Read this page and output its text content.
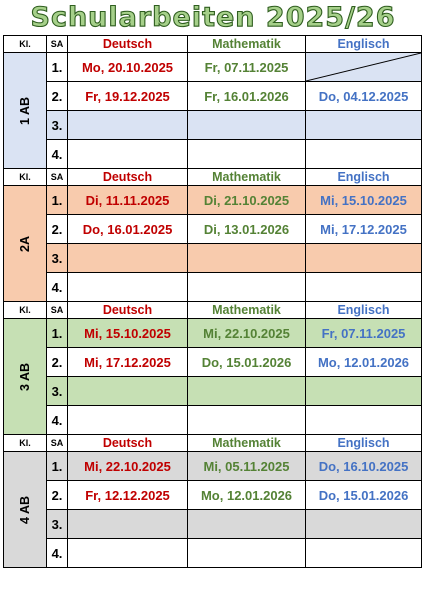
Schularbeiten 2025/26
Kl.	SA	Deutsch	Mathematik	Englisch

1 AB	1.	Mo, 20.10.2025	Fr, 07.11.2025	

	2.	Fr, 19.12.2025	Fr, 16.01.2026	Do, 04.12.2025
	3.			
	4.			
Kl.	SA	Deutsch	Mathematik	Englisch

2A	1.	Di, 11.11.2025	Di, 21.10.2025	Mi, 15.10.2025
	2.	Do, 16.01.2025	Di, 13.01.2026	Mi, 17.12.2025
	3.			
	4.			
Kl.	SA	Deutsch	Mathematik	Englisch

3 AB	1.	Mi, 15.10.2025	Mi, 22.10.2025	Fr, 07.11.2025
	2.	Mi, 17.12.2025	Do, 15.01.2026	Mo, 12.01.2026
	3.			
	4.			
Kl.	SA	Deutsch	Mathematik	Englisch

4 AB	1.	Mi, 22.10.2025	Mi, 05.11.2025	Do, 16.10.2025
	2.	Fr, 12.12.2025	Mo, 12.01.2026	Do, 15.01.2026
	3.			
	4.			
